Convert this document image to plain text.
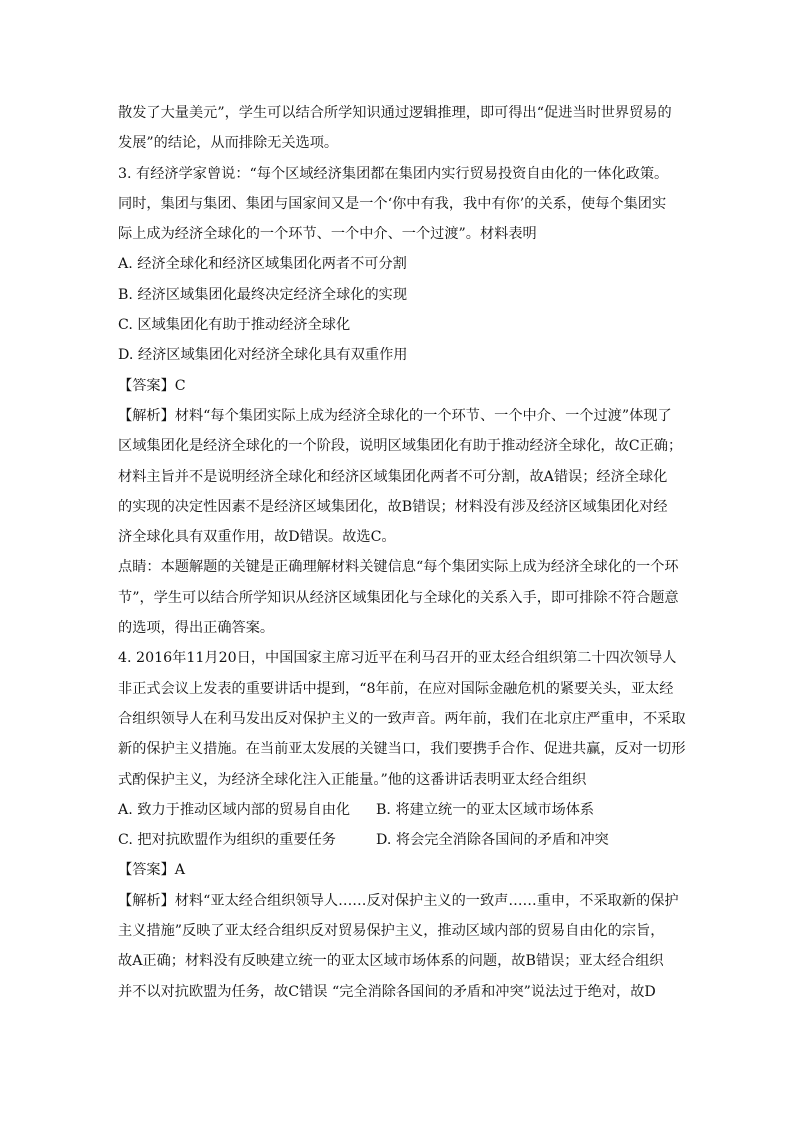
散发了大量美元”，学生可以结合所学知识通过逻辑推理，即可得出“促进当时世界贸易的
发展”的结论，从而排除无关选项。
3. 有经济学家曾说：“每个区域经济集团都在集团内实行贸易投资自由化的一体化政策。
同时，集团与集团、集团与国家间又是一个‘你中有我，我中有你’的关系，使每个集团实
际上成为经济全球化的一个环节、一个中介、一个过渡”。材料表明
A. 经济全球化和经济区域集团化两者不可分割
B. 经济区域集团化最终决定经济全球化的实现
C. 区域集团化有助于推动经济全球化
D. 经济区域集团化对经济全球化具有双重作用
【答案】C
【解析】材料“每个集团实际上成为经济全球化的一个环节、一个中介、一个过渡”体现了
区域集团化是经济全球化的一个阶段，说明区域集团化有助于推动经济全球化，故C正确；
材料主旨并不是说明经济全球化和经济区域集团化两者不可分割，故A错误；经济全球化
的实现的决定性因素不是经济区域集团化，故B错误；材料没有涉及经济区域集团化对经
济全球化具有双重作用，故D错误。故选C。
点睛：本题解题的关键是正确理解材料关键信息“每个集团实际上成为经济全球化的一个环
节”，学生可以结合所学知识从经济区域集团化与全球化的关系入手，即可排除不符合题意
的选项，得出正确答案。
4. 2016年11月20日，中国国家主席习近平在利马召开的亚太经合组织第二十四次领导人
非正式会议上发表的重要讲话中提到，“8年前，在应对国际金融危机的紧要关头，亚太经
合组织领导人在利马发出反对保护主义的一致声音。两年前，我们在北京庄严重申，不采取
新的保护主义措施。在当前亚太发展的关键当口，我们要携手合作、促进共赢，反对一切形
式酌保护主义，为经济全球化注入正能量。”他的这番讲话表明亚太经合组织
A. 致力于推动区域内部的贸易自由化 B. 将建立统一的亚太区域市场体系
C. 把对抗欧盟作为组织的重要任务	D. 将会完全消除各国间的矛盾和冲突
【答案】A
【解析】材料“亚太经合组织领导人……反对保护主义的一致声……重申，不采取新的保护
主义措施”反映了亚太经合组织反对贸易保护主义，推动区域内部的贸易自由化的宗旨，
故A正确；材料没有反映建立统一的亚太区域市场体系的问题，故B错误；亚太经合组织
并不以对抗欧盟为任务，故C错误 “完全消除各国间的矛盾和冲突”说法过于绝对，故D
